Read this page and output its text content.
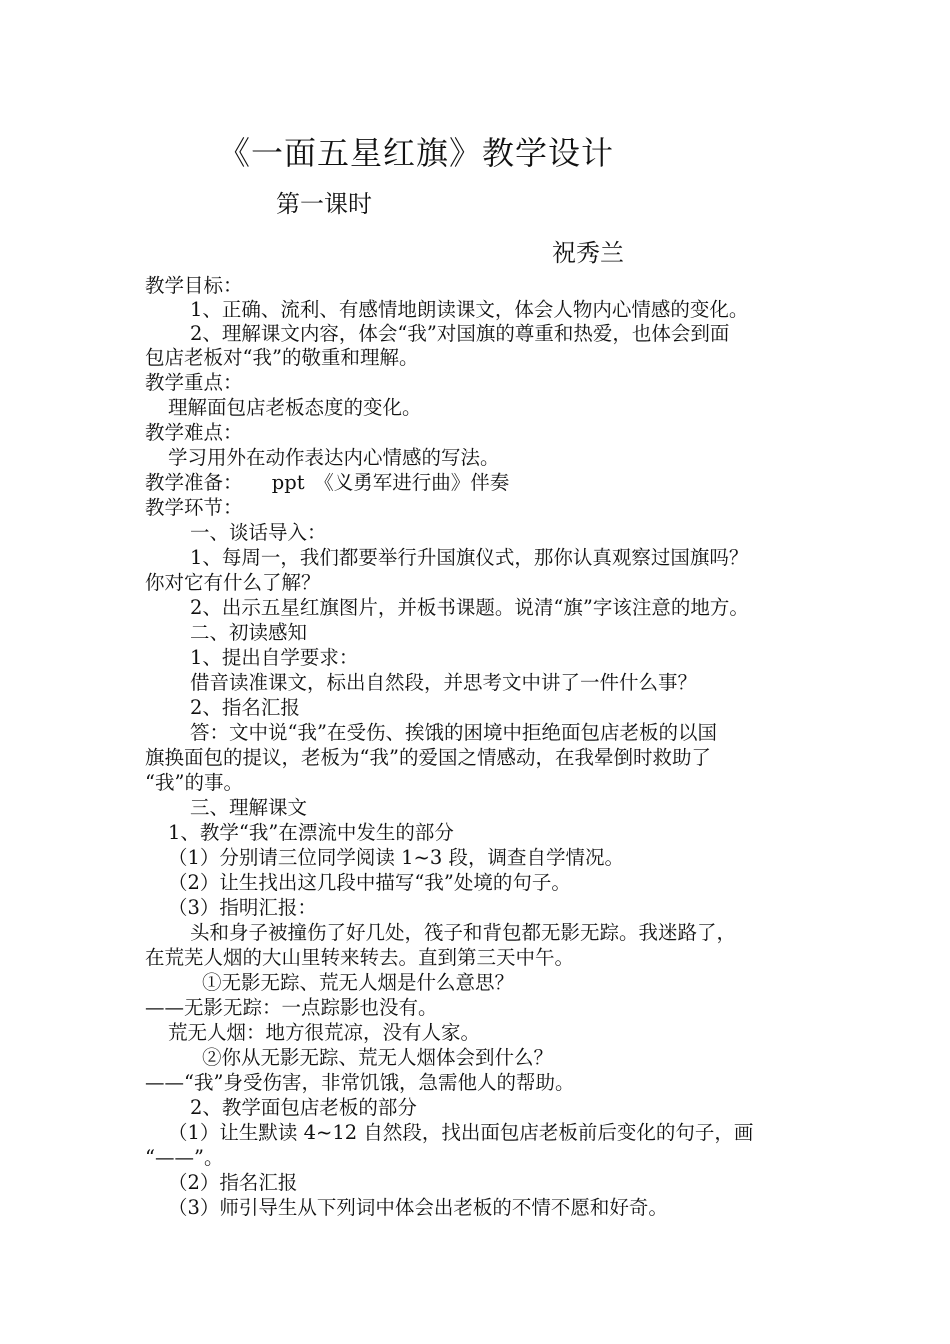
《一面五星红旗》教学设计
第一课时
祝秀兰
教学目标：
1、正确、流利、有感情地朗读课文，体会人物内心情感的变化。
2、理解课文内容，体会“我”对国旗的尊重和热爱，也体会到面
包店老板对“我”的敬重和理解。
教学重点：
理解面包店老板态度的变化。
教学难点：
学习用外在动作表达内心情感的写法。
教学准备：　　ppt　《义勇军进行曲》伴奏
教学环节：
一、谈话导入：
1、每周一，我们都要举行升国旗仪式，那你认真观察过国旗吗？
你对它有什么了解？
2、出示五星红旗图片，并板书课题。说清“旗”字该注意的地方。
二、初读感知
1、提出自学要求：
借音读准课文，标出自然段，并思考文中讲了一件什么事？
2、指名汇报
答：文中说“我”在受伤、挨饿的困境中拒绝面包店老板的以国
旗换面包的提议，老板为“我”的爱国之情感动，在我晕倒时救助了
“我”的事。
三、理解课文
1、教学“我”在漂流中发生的部分
（1）分别请三位同学阅读 1~3 段，调查自学情况。
（2）让生找出这几段中描写“我”处境的句子。
（3）指明汇报：
头和身子被撞伤了好几处，筏子和背包都无影无踪。我迷路了，
在荒芜人烟的大山里转来转去。直到第三天中午。
①无影无踪、荒无人烟是什么意思？
——无影无踪：一点踪影也没有。
荒无人烟：地方很荒凉，没有人家。
②你从无影无踪、荒无人烟体会到什么？
——“我”身受伤害，非常饥饿，急需他人的帮助。
2、教学面包店老板的部分
（1）让生默读 4~12 自然段，找出面包店老板前后变化的句子，画
“——”。
（2）指名汇报
（3）师引导生从下列词中体会出老板的不情不愿和好奇。
